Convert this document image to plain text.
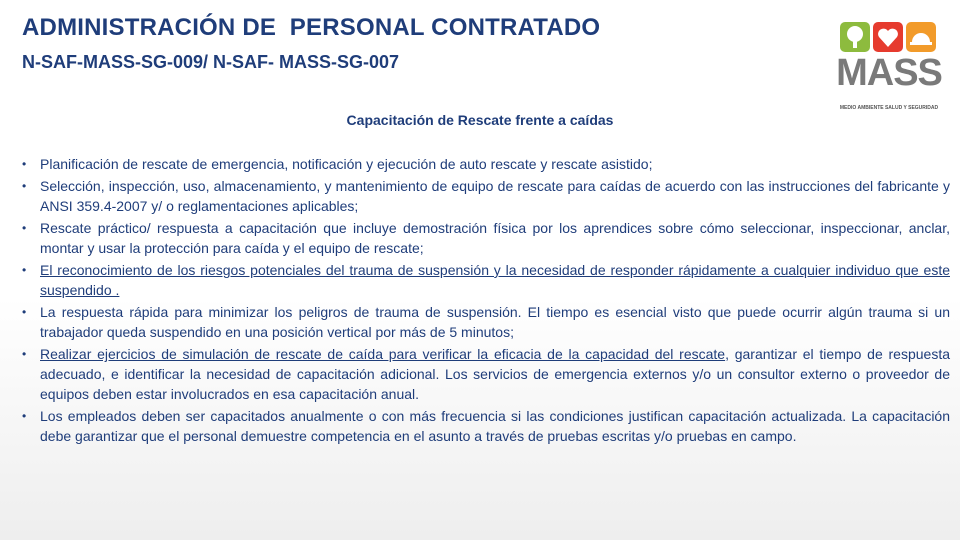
ADMINISTRACIÓN DE  PERSONAL CONTRATADO
N-SAF-MASS-SG-009/ N-SAF- MASS-SG-007	MASS
MEDIO AMBIENTE SALUD Y SEGURIDAD
Capacitación de Rescate frente a caídas
• Planificación de rescate de emergencia, notificación y ejecución de auto rescate y rescate asistido;
• Selección, inspección, uso, almacenamiento, y mantenimiento de equipo de rescate para caídas de acuerdo con las instrucciones del fabricante y ANSI 359.4-2007 y/ o reglamentaciones aplicables;
• Rescate práctico/ respuesta a capacitación que incluye demostración física por los aprendices sobre cómo seleccionar, inspeccionar, anclar, montar y usar la protección para caída y el equipo de rescate;
• El reconocimiento de los riesgos potenciales del trauma de suspensión y la necesidad de responder rápidamente a cualquier individuo que este suspendido .
• La respuesta rápida para minimizar los peligros de trauma de suspensión. El tiempo es esencial visto que puede ocurrir algún trauma si un trabajador queda suspendido en una posición vertical por más de 5 minutos;
• Realizar ejercicios de simulación de rescate de caída para verificar la eficacia de la capacidad del rescate, garantizar el tiempo de respuesta adecuado, e identificar la necesidad de capacitación adicional. Los servicios de emergencia externos y/o un consultor externo o proveedor de equipos deben estar involucrados en esa capacitación anual.
• Los empleados deben ser capacitados anualmente o con más frecuencia si las condiciones justifican capacitación actualizada. La capacitación debe garantizar que el personal demuestre competencia en el asunto a través de pruebas escritas y/o pruebas en campo.
